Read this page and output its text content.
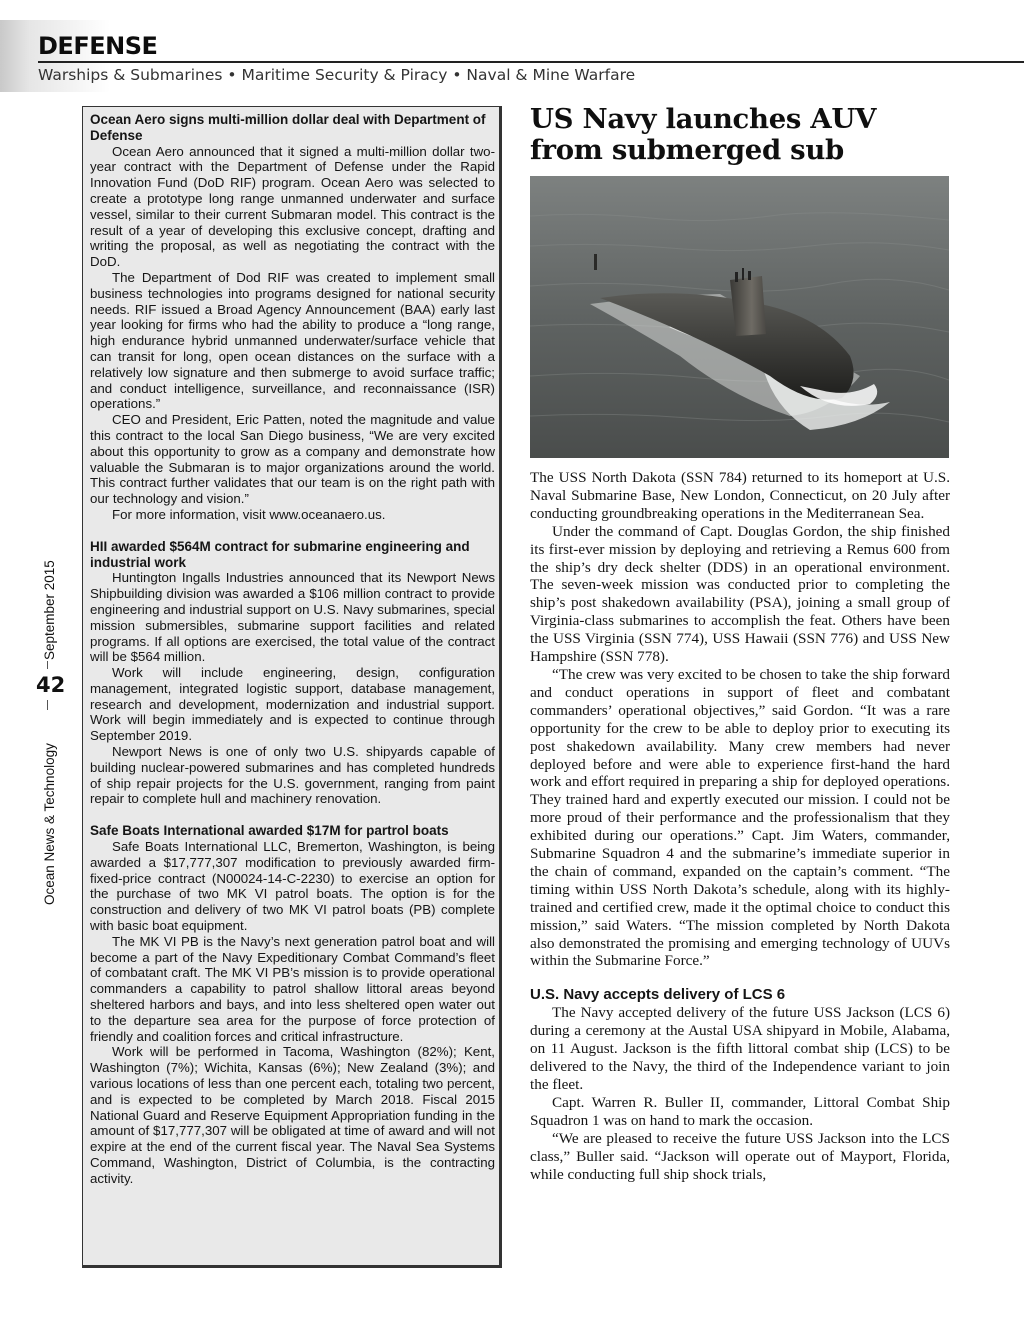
DEFENSE
Warships & Submarines • Maritime Security & Piracy • Naval & Mine Warfare
September 2015
42
Ocean News & Technology
Ocean Aero signs multi-million dollar deal with Department of Defense

Ocean Aero announced that it signed a multi-million dollar two-year contract with the Department of Defense under the Rapid Innovation Fund (DoD RIF) program. Ocean Aero was selected to create a prototype long range unmanned underwater and surface vessel, similar to their current Submaran model. This contract is the result of a year of developing this exclusive concept, drafting and writing the proposal, as well as negotiating the contract with the DoD.

The Department of Dod RIF was created to implement small business technologies into programs designed for national security needs. RIF issued a Broad Agency Announcement (BAA) early last year looking for firms who had the ability to produce a “long range, high endurance hybrid unmanned underwater/surface vehicle that can transit for long, open ocean distances on the surface with a relatively low signature and then submerge to avoid surface traffic; and conduct intelligence, surveillance, and reconnaissance (ISR) operations.”

CEO and President, Eric Patten, noted the magnitude and value this contract to the local San Diego business, “We are very excited about this opportunity to grow as a company and demonstrate how valuable the Submaran is to major organizations around the world. This contract further validates that our team is on the right path with our technology and vision.”

For more information, visit www.oceanaero.us.

HII awarded $564M contract for submarine engineering and industrial work

Huntington Ingalls Industries announced that its Newport News Shipbuilding division was awarded a $106 million contract to provide engineering and industrial support on U.S. Navy submarines, special mission submersibles, submarine support facilities and related programs. If all options are exercised, the total value of the contract will be $564 million.

Work will include engineering, design, configuration management, integrated logistic support, database management, research and development, modernization and industrial support. Work will begin immediately and is expected to continue through September 2019.

Newport News is one of only two U.S. shipyards capable of building nuclear-powered submarines and has completed hundreds of ship repair projects for the U.S. government, ranging from paint repair to complete hull and machinery renovation.

Safe Boats International awarded $17M for partrol boats

Safe Boats International LLC, Bremerton, Washington, is being awarded a $17,777,307 modification to previously awarded firm-fixed-price contract (N00024-14-C-2230) to exercise an option for the purchase of two MK VI patrol boats. The option is for the construction and delivery of two MK VI patrol boats (PB) complete with basic boat equipment.

The MK VI PB is the Navy’s next generation patrol boat and will become a part of the Navy Expeditionary Combat Command’s fleet of combatant craft. The MK VI PB’s mission is to provide operational commanders a capability to patrol shallow littoral areas beyond sheltered harbors and bays, and into less sheltered open water out to the departure sea area for the purpose of force protection of friendly and coalition forces and critical infrastructure.

Work will be performed in Tacoma, Washington (82%); Kent, Washington (7%); Wichita, Kansas (6%); New Zealand (3%); and various locations of less than one percent each, totaling two percent, and is expected to be completed by March 2018. Fiscal 2015 National Guard and Reserve Equipment Appropriation funding in the amount of $17,777,307 will be obligated at time of award and will not expire at the end of the current fiscal year. The Naval Sea Systems Command, Washington, District of Columbia, is the contracting activity.

US Navy launches AUV from submerged sub

The USS North Dakota (SSN 784) returned to its homeport at U.S. Naval Submarine Base, New London, Connecticut, on 20 July after conducting groundbreaking operations in the Mediterranean Sea.

Under the command of Capt. Douglas Gordon, the ship finished its first-ever mission by deploying and retrieving a Remus 600 from the ship’s dry deck shelter (DDS) in an operational environment. The seven-week mission was conducted prior to completing the ship’s post shakedown availability (PSA), joining a small group of Virginia-class submarines to accomplish the feat. Others have been the USS Virginia (SSN 774), USS Hawaii (SSN 776) and USS New Hampshire (SSN 778).

“The crew was very excited to be chosen to take the ship forward and conduct operations in support of fleet and combatant commanders’ operational objectives,” said Gordon. “It was a rare opportunity for the crew to be able to deploy prior to executing its post shakedown availability. Many crew members had never deployed before and were able to experience first-hand the hard work and effort required in preparing a ship for deployed operations. They trained hard and expertly executed our mission. I could not be more proud of their performance and the professionalism that they exhibited during our operations.” Capt. Jim Waters, commander, Submarine Squadron 4 and the submarine’s immediate superior in the chain of command, expanded on the captain’s comment. “The timing within USS North Dakota’s schedule, along with its highly-trained and certified crew, made it the optimal choice to conduct this mission,” said Waters. “The mission completed by North Dakota also demonstrated the promising and emerging technology of UUVs within the Submarine Force.”

U.S. Navy accepts delivery of LCS 6

The Navy accepted delivery of the future USS Jackson (LCS 6) during a ceremony at the Austal USA shipyard in Mobile, Alabama, on 11 August. Jackson is the fifth littoral combat ship (LCS) to be delivered to the Navy, the third of the Independence variant to join the fleet.

Capt. Warren R. Buller II, commander, Littoral Combat Ship Squadron 1 was on hand to mark the occasion.

“We are pleased to receive the future USS Jackson into the LCS class,” Buller said. “Jackson will operate out of Mayport, Florida, while conducting full ship shock trials,
